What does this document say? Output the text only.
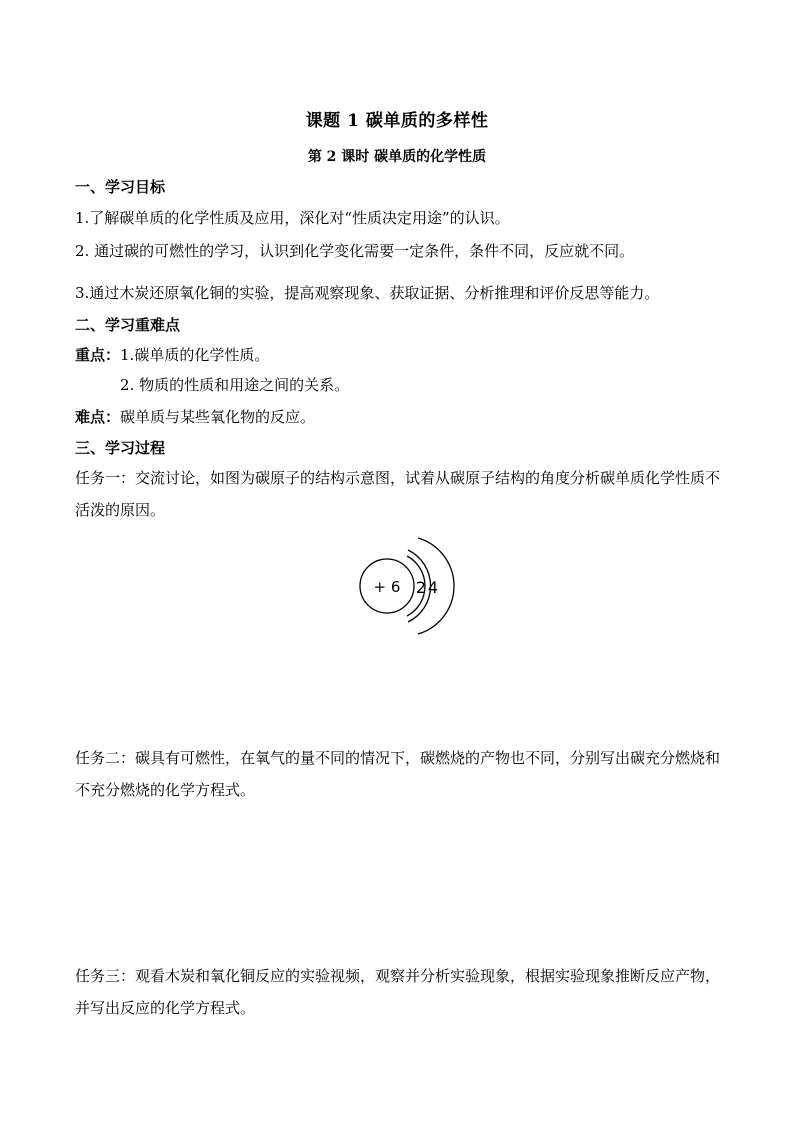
课题 1 碳单质的多样性
第 2 课时 碳单质的化学性质
一、学习目标
1.了解碳单质的化学性质及应用，深化对“性质决定用途”的认识。
2. 通过碳的可燃性的学习，认识到化学变化需要一定条件，条件不同，反应就不同。
3.通过木炭还原氧化铜的实验，提高观察现象、获取证据、分析推理和评价反思等能力。
二、学习重难点
重点：1.碳单质的化学性质。
2. 物质的性质和用途之间的关系。
难点：碳单质与某些氧化物的反应。
三、学习过程
任务一：交流讨论，如图为碳原子的结构示意图，试着从碳原子结构的角度分析碳单质化学性质不活泼的原因。
+ 6 2 4
任务二：碳具有可燃性，在氧气的量不同的情况下，碳燃烧的产物也不同，分别写出碳充分燃烧和不充分燃烧的化学方程式。
任务三：观看木炭和氧化铜反应的实验视频，观察并分析实验现象，根据实验现象推断反应产物，并写出反应的化学方程式。
